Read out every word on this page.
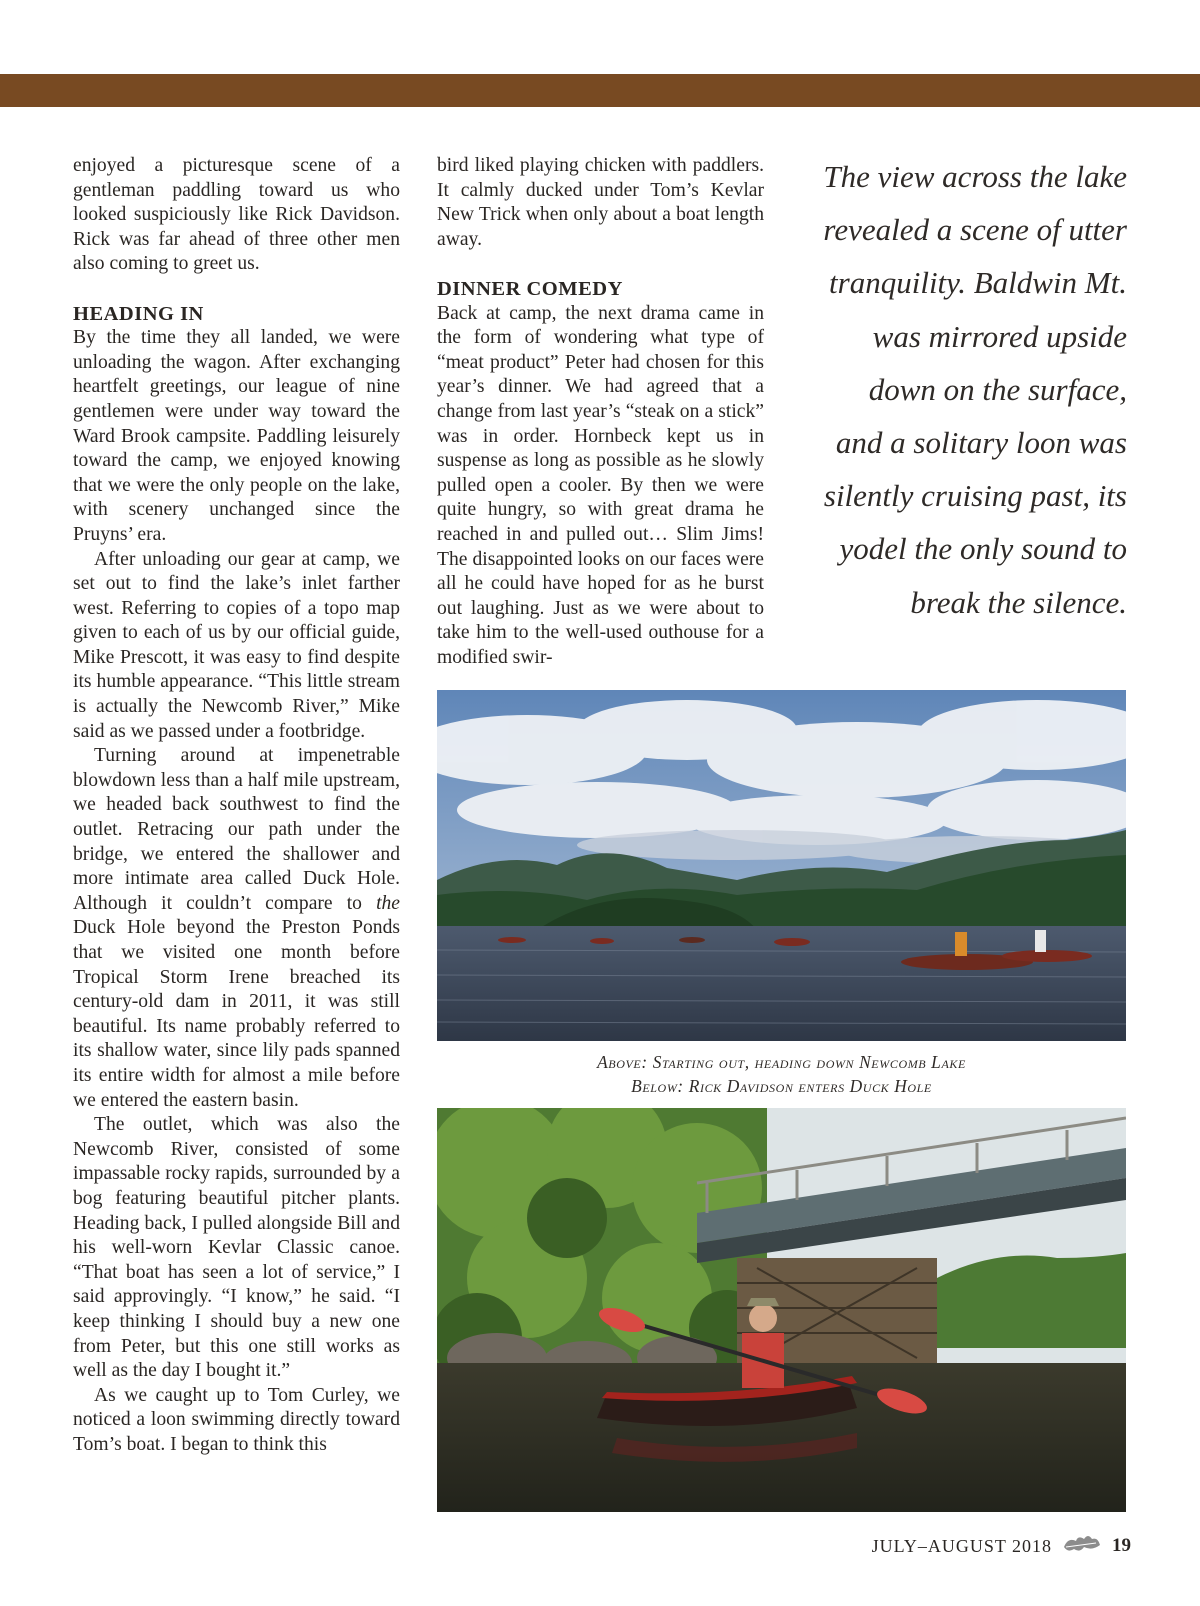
enjoyed a picturesque scene of a gentleman paddling toward us who looked suspiciously like Rick Davidson. Rick was far ahead of three other men also coming to greet us.

HEADING IN

By the time they all landed, we were unloading the wagon. After exchanging heartfelt greetings, our league of nine gentlemen were under way toward the Ward Brook campsite. Paddling leisurely toward the camp, we enjoyed knowing that we were the only people on the lake, with scenery unchanged since the Pruyns’ era.

After unloading our gear at camp, we set out to find the lake’s inlet farther west. Referring to copies of a topo map given to each of us by our official guide, Mike Prescott, it was easy to find despite its humble appearance. “This little stream is actually the Newcomb River,” Mike said as we passed under a footbridge.

Turning around at impenetrable blowdown less than a half mile upstream, we headed back southwest to find the outlet. Retracing our path under the bridge, we entered the shallower and more intimate area called Duck Hole. Although it couldn’t compare to the Duck Hole beyond the Preston Ponds that we visited one month before Tropical Storm Irene breached its century-old dam in 2011, it was still beautiful. Its name probably referred to its shallow water, since lily pads spanned its entire width for almost a mile before we entered the eastern basin.

The outlet, which was also the Newcomb River, consisted of some impassable rocky rapids, surrounded by a bog featuring beautiful pitcher plants. Heading back, I pulled alongside Bill and his well-worn Kevlar Classic canoe. “That boat has seen a lot of service,” I said approvingly. “I know,” he said. “I keep thinking I should buy a new one from Peter, but this one still works as well as the day I bought it.”

As we caught up to Tom Curley, we noticed a loon swimming directly toward Tom’s boat. I began to think this

bird liked playing chicken with paddlers. It calmly ducked under Tom’s Kevlar New Trick when only about a boat length away.

DINNER COMEDY

Back at camp, the next drama came in the form of wondering what type of “meat product” Peter had chosen for this year’s dinner. We had agreed that a change from last year’s “steak on a stick” was in order. Hornbeck kept us in suspense as long as possible as he slowly pulled open a cooler. By then we were quite hungry, so with great drama he reached in and pulled out… Slim Jims! The disappointed looks on our faces were all he could have hoped for as he burst out laughing. Just as we were about to take him to the well-used outhouse for a modified swir-

The view across the lake
revealed a scene of utter
tranquility. Baldwin Mt.
was mirrored upside
down on the surface,
and a solitary loon was
silently cruising past, its
yodel the only sound to
break the silence.
Above: Starting out, heading down Newcomb Lake
Below: Rick Davidson enters Duck Hole
JULY–AUGUST 2018	19
